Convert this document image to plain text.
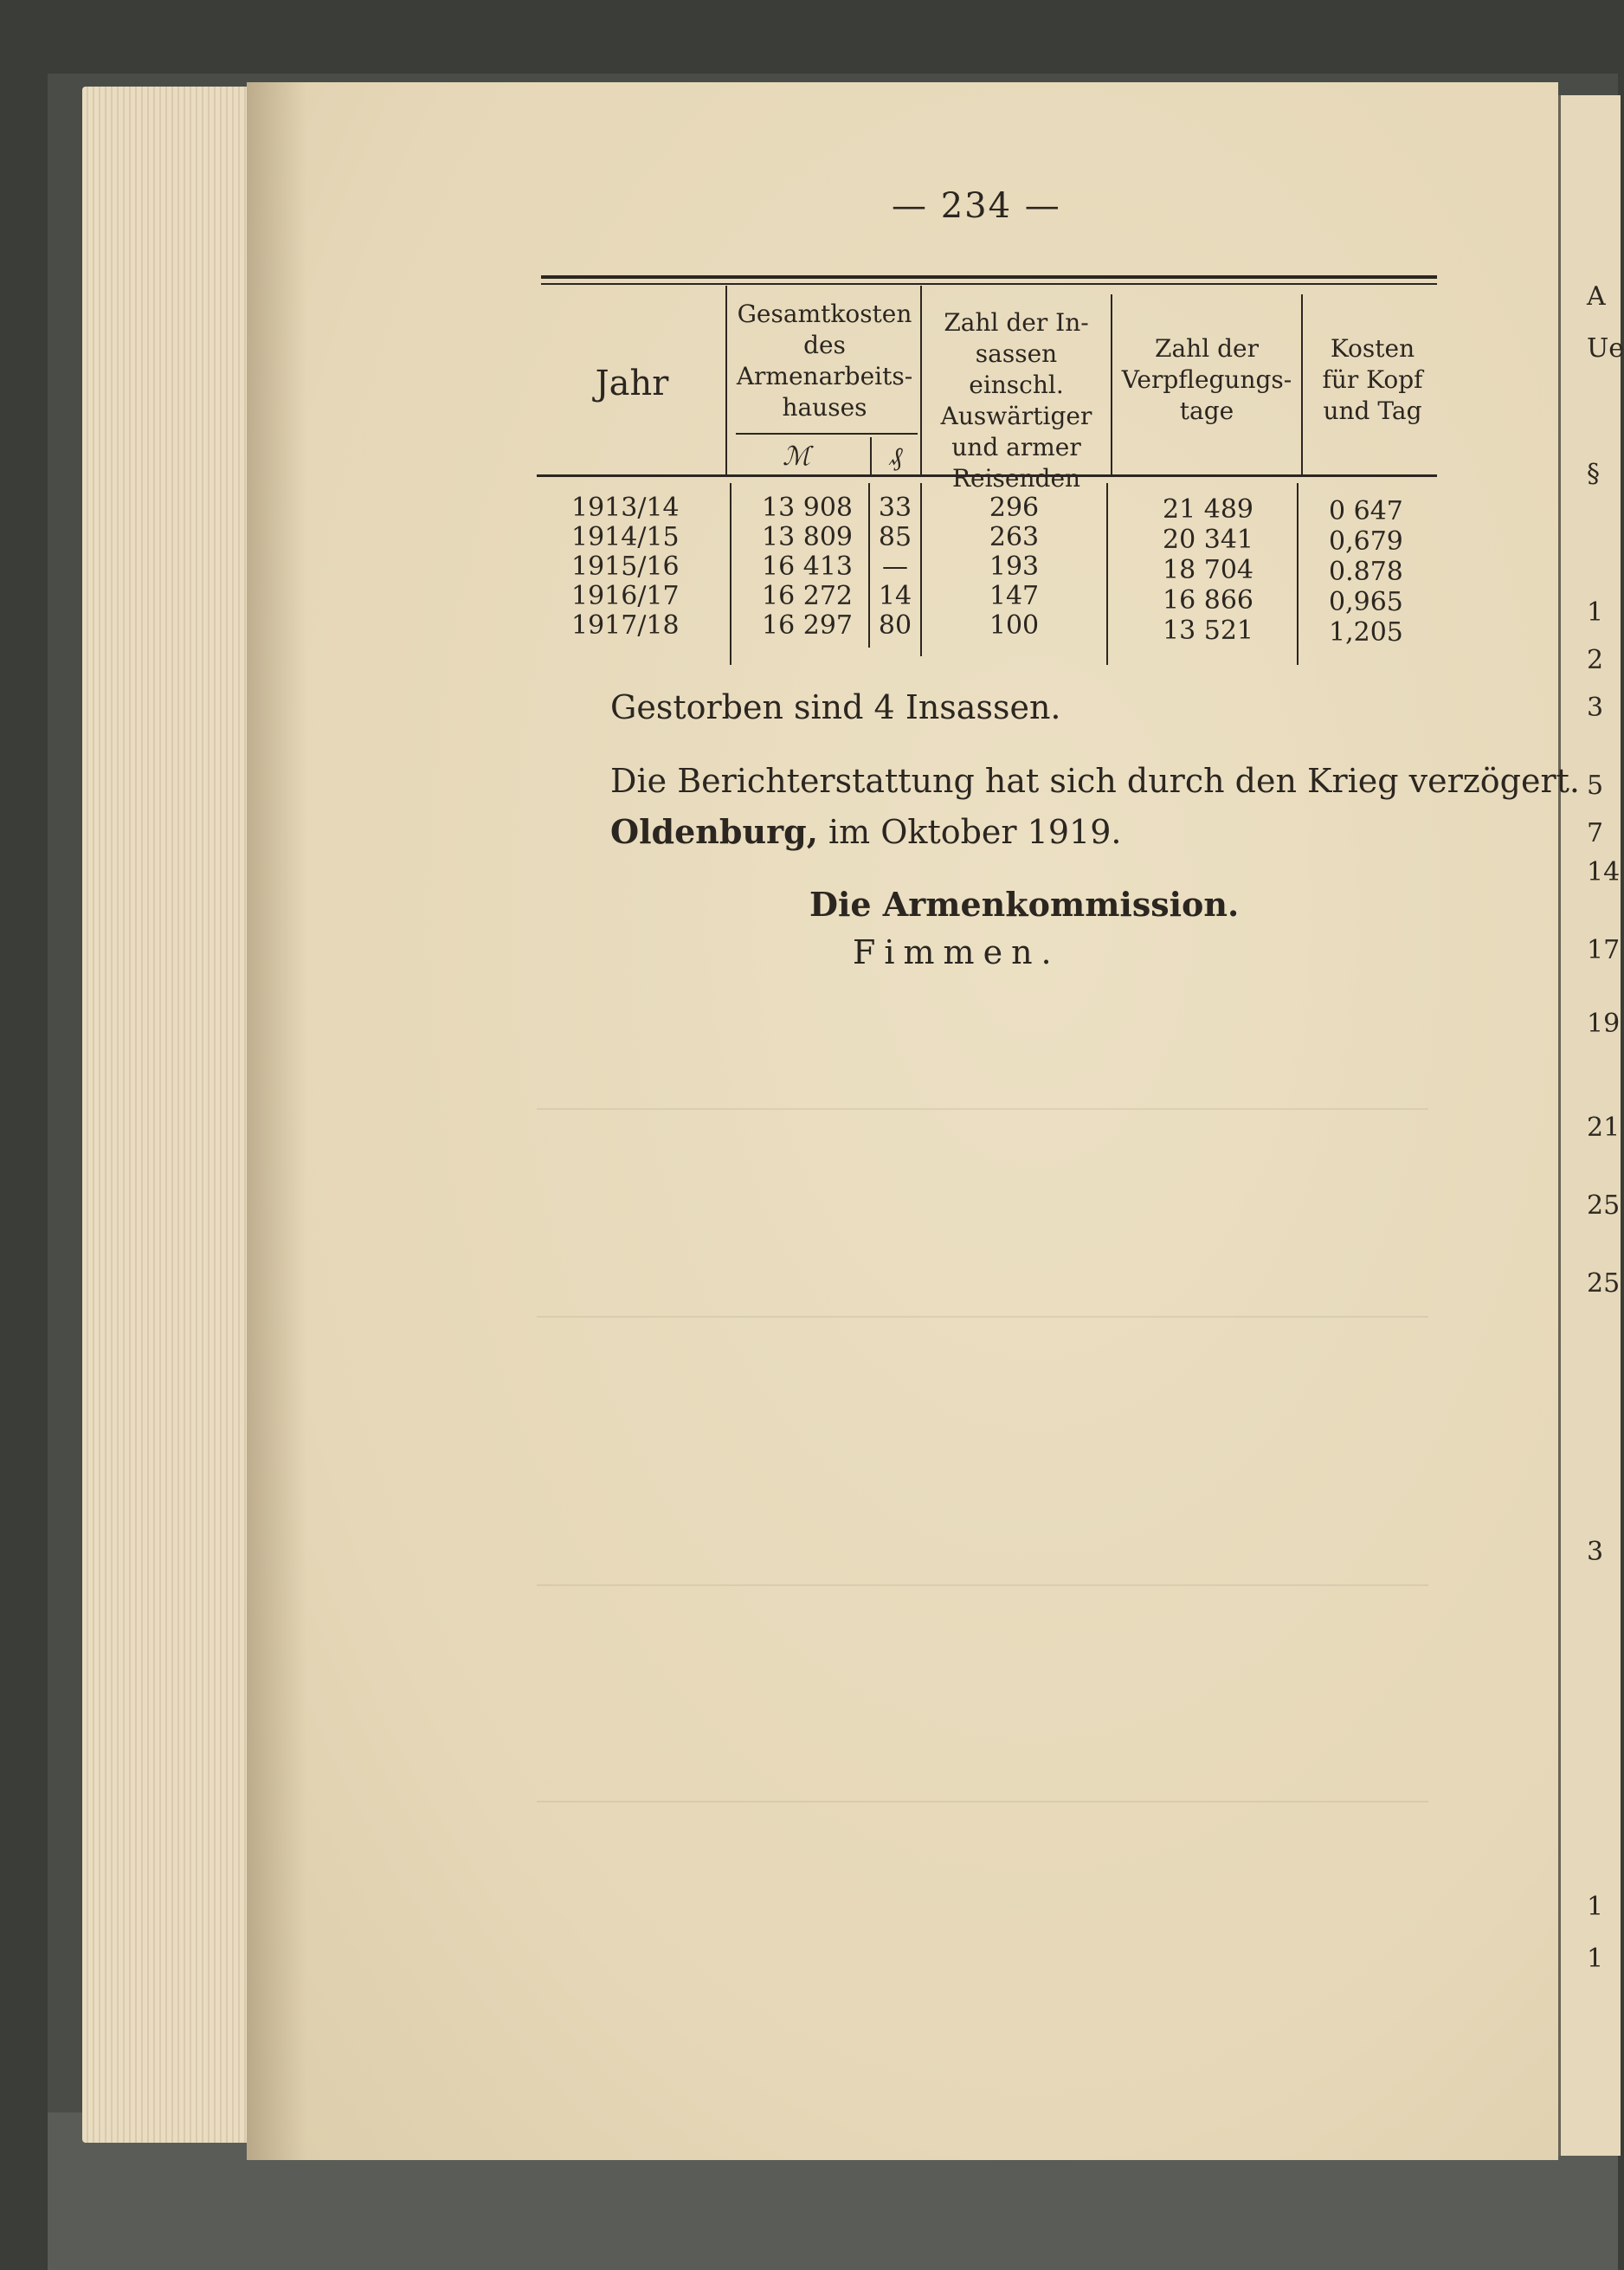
A
Ue
§
1
2
3
5
7
14
17
19
21
25
25
3
1
1
— 234 —
Jahr
Gesamtkosten
des
Armenarbeits-
hauses
ℳ	₰
Zahl der In-
sassen einschl.
Auswärtiger
und armer
Reisenden
Zahl der
Verpflegungs-
tage
Kosten
für Kopf
und Tag
1913/14	13 908 33	296	21 489	0 647
1914/15	13 809 85	263	20 341	0,679
1915/16	16 413	—	193	18 704	0.878
1916/17	16 272 14	147	16 866	0,965
1917/18	16 297 80	100	13 521	1,205
Gestorben sind 4 Insassen.
Die Berichterstattung hat sich durch den Krieg verzögert.
Oldenburg, im Oktober 1919.
Die Armenkommission.
Fimmen.
